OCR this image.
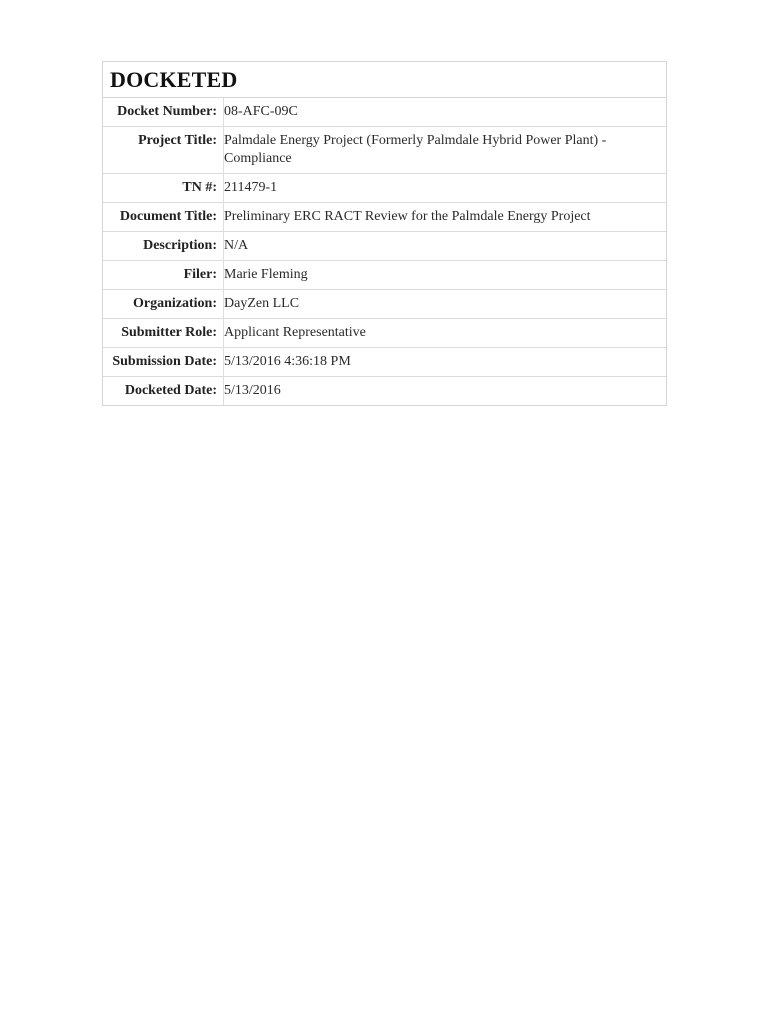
DOCKETED
Docket Number:	08-AFC-09C
Project Title:	Palmdale Energy Project (Formerly Palmdale Hybrid Power Plant) - Compliance
TN #:	211479-1
Document Title:	Preliminary ERC RACT Review for the Palmdale Energy Project
Description:	N/A
Filer:	Marie Fleming
Organization:	DayZen LLC
Submitter Role:	Applicant Representative
Submission Date:	5/13/2016 4:36:18 PM
Docketed Date:	5/13/2016
